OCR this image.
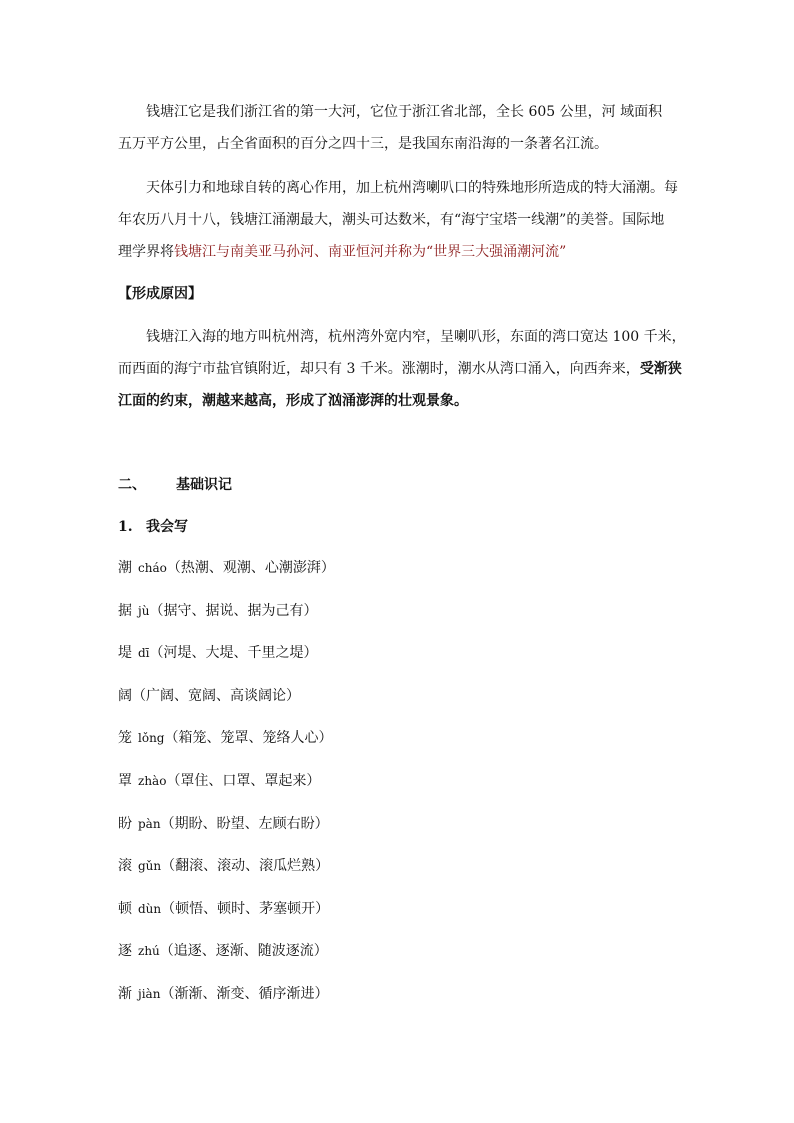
钱塘江它是我们浙江省的第一大河，它位于浙江省北部，全长 605 公里，河 域面积
五万平方公里，占全省面积的百分之四十三，是我国东南沿海的一条著名江流。
天体引力和地球自转的离心作用，加上杭州湾喇叭口的特殊地形所造成的特大涌潮。每
年农历八月十八，钱塘江涌潮最大，潮头可达数米，有“海宁宝塔一线潮”的美誉。国际地
理学界将钱塘江与南美亚马孙河、南亚恒河并称为“世界三大强涌潮河流”
【形成原因】
钱塘江入海的地方叫杭州湾，杭州湾外宽内窄，呈喇叭形，东面的湾口宽达 100 千米，
而西面的海宁市盐官镇附近，却只有 3 千米。涨潮时，潮水从湾口涌入，向西奔来，受渐狭
江面的约束，潮越来越高，形成了汹涌澎湃的壮观景象。
二、 基础识记
1. 我会写
潮 cháo（热潮、观潮、心潮澎湃）
据 jù（据守、据说、据为己有）
堤 dī（河堤、大堤、千里之堤）
阔（广阔、宽阔、高谈阔论）
笼 lǒng（箱笼、笼罩、笼络人心）
罩 zhào（罩住、口罩、罩起来）
盼 pàn（期盼、盼望、左顾右盼）
滚 gǔn（翻滚、滚动、滚瓜烂熟）
顿 dùn（顿悟、顿时、茅塞顿开）
逐 zhú（追逐、逐渐、随波逐流）
渐 jiàn（渐渐、渐变、循序渐进）
